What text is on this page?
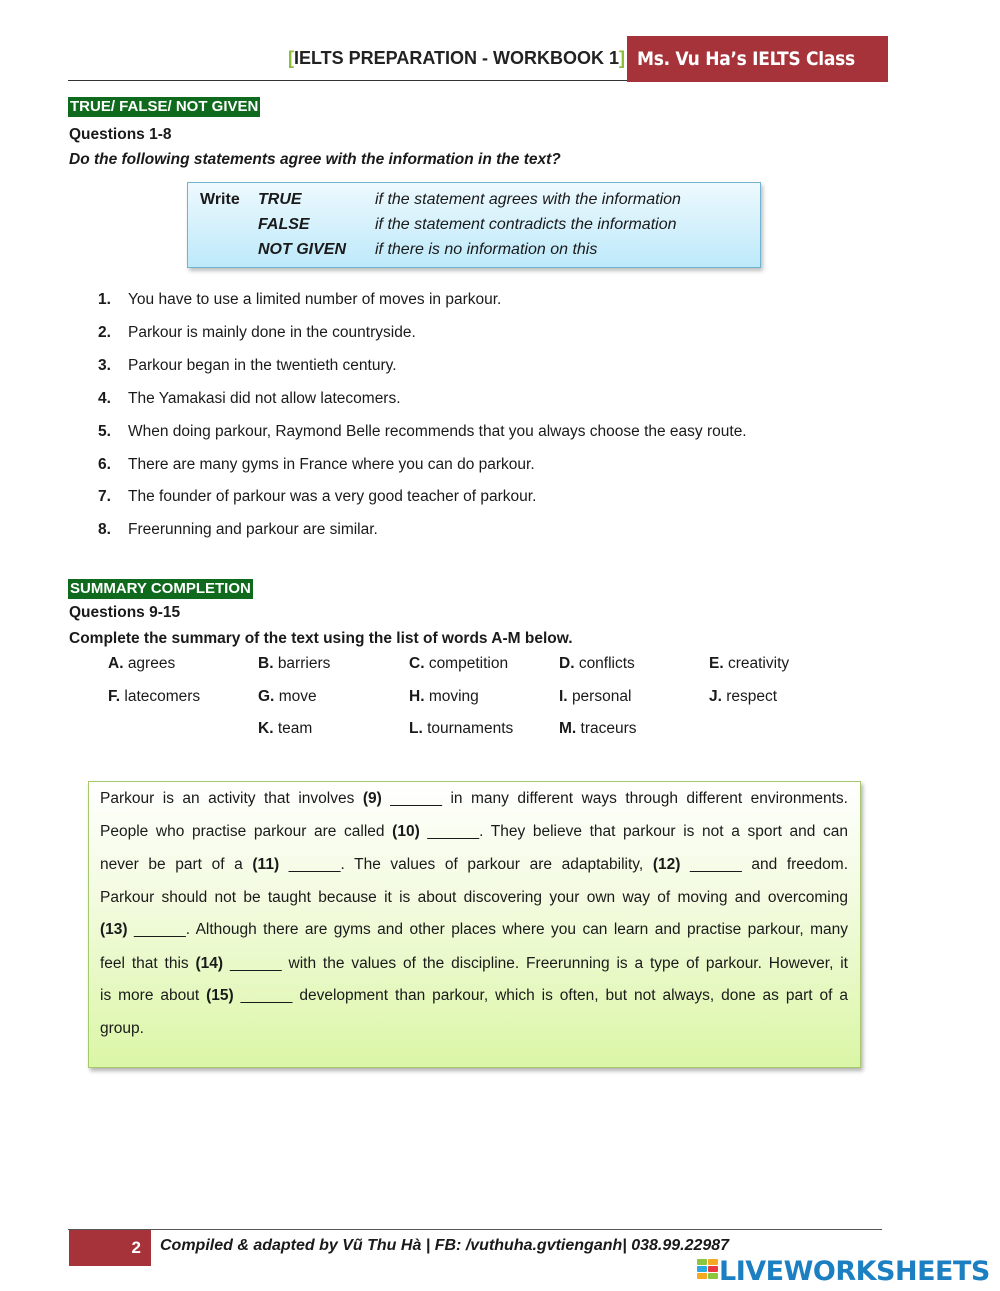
[IELTS PREPARATION - WORKBOOK 1] Ms. Vu Ha’s IELTS Class
TRUE/ FALSE/ NOT GIVEN
Questions 1-8
Do the following statements agree with the information in the text?
Write TRUE	if the statement agrees with the information
FALSE	if the statement contradicts the information
NOT GIVEN if there is no information on this
1. You have to use a limited number of moves in parkour.
2. Parkour is mainly done in the countryside.
3. Parkour began in the twentieth century.
4. The Yamakasi did not allow latecomers.
5. When doing parkour, Raymond Belle recommends that you always choose the easy route.
6. There are many gyms in France where you can do parkour.
7. The founder of parkour was a very good teacher of parkour.
8. Freerunning and parkour are similar.
SUMMARY COMPLETION
Questions 9-15
Complete the summary of the text using the list of words A-M below.
A. agrees	B. barriers	C. competition	D. conflicts	E. creativity
F. latecomers	G. move	H. moving	I. personal	J. respect
K. team	L. tournaments	M. traceurs
Parkour is an activity that involves (9) ______ in many different ways through different environments.
People who practise parkour are called (10) ______. They believe that parkour is not a sport and can
never be part of a (11) ______. The values of parkour are adaptability, (12) ______ and freedom.
Parkour should not be taught because it is about discovering your own way of moving and overcoming
(13) ______. Although there are gyms and other places where you can learn and practise parkour, many
feel that this (14) ______ with the values of the discipline. Freerunning is a type of parkour. However, it
is more about (15) ______ development than parkour, which is often, but not always, done as part of a
group.
2	Compiled & adapted by Vũ Thu Hà | FB: /vuthuha.gvtienganh| 038.99.22987
LIVEWORKSHEETS
